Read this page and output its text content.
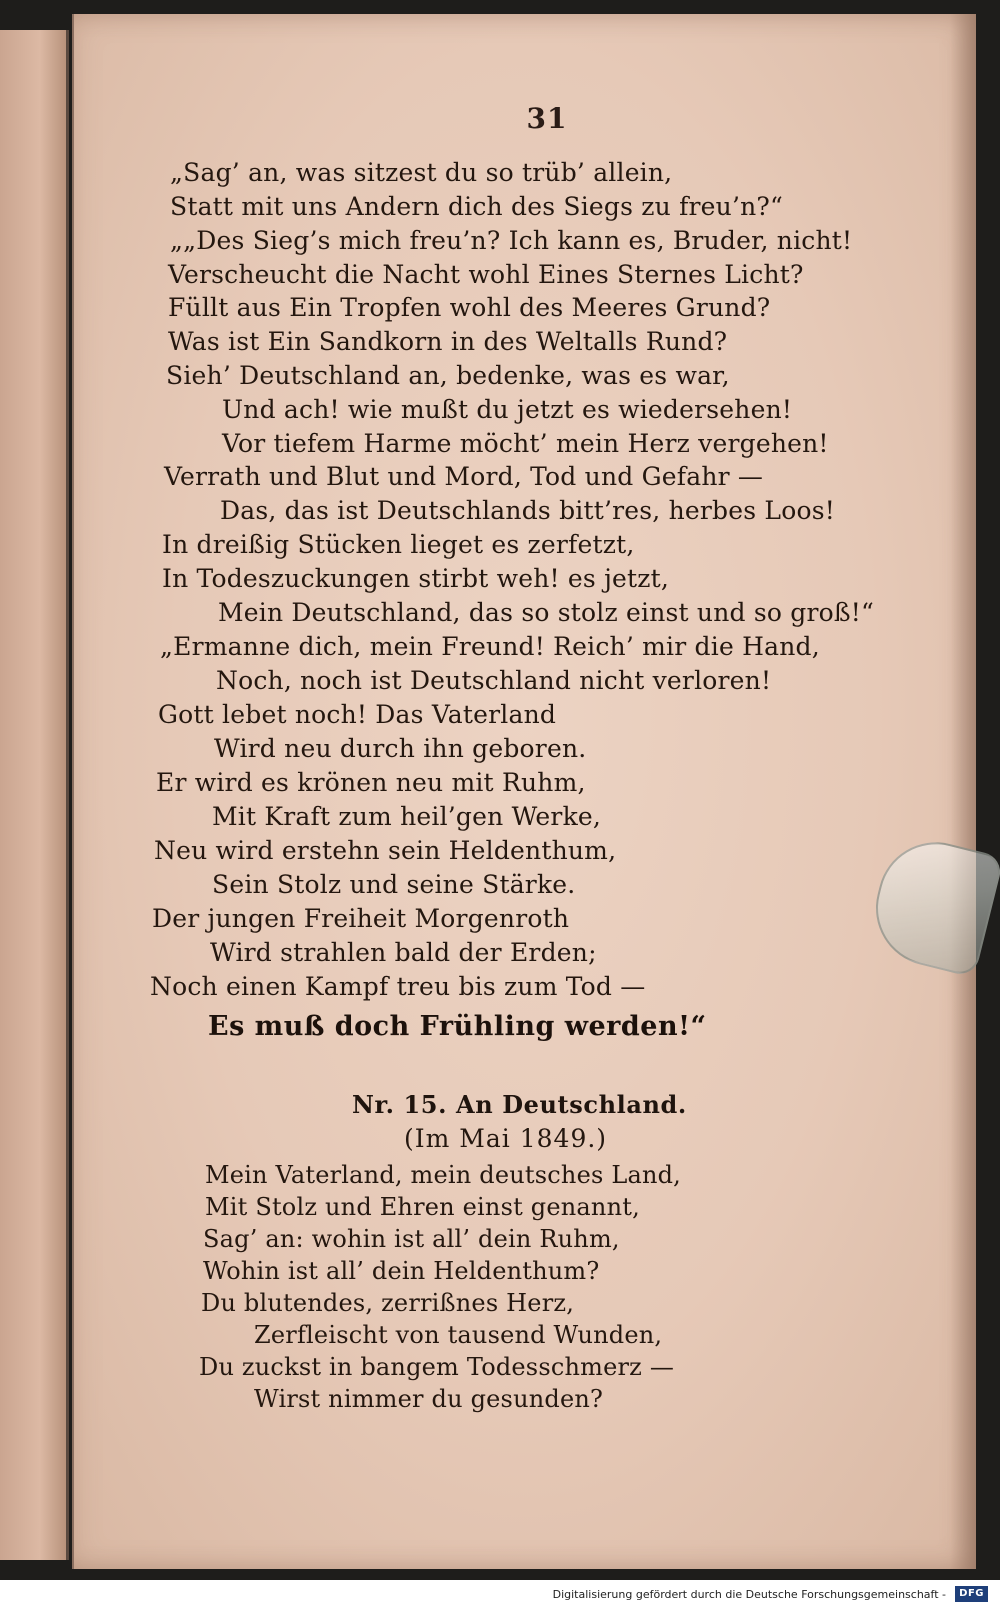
31
„Sag’ an, was sitzest du so trüb’ allein,
Statt mit uns Andern dich des Siegs zu freu’n?“
„„Des Sieg’s mich freu’n? Ich kann es, Bruder, nicht!
Verscheucht die Nacht wohl Eines Sternes Licht?
Füllt aus Ein Tropfen wohl des Meeres Grund?
Was ist Ein Sandkorn in des Weltalls Rund?
Sieh’ Deutschland an, bedenke, was es war,
Und ach! wie mußt du jetzt es wiedersehen!
Vor tiefem Harme möcht’ mein Herz vergehen!
Verrath und Blut und Mord, Tod und Gefahr —
Das, das ist Deutschlands bitt’res, herbes Loos!
In dreißig Stücken lieget es zerfetzt,
In Todeszuckungen stirbt weh! es jetzt,
Mein Deutschland, das so stolz einst und so groß!“
„Ermanne dich, mein Freund! Reich’ mir die Hand,
Noch, noch ist Deutschland nicht verloren!
Gott lebet noch! Das Vaterland
Wird neu durch ihn geboren.
Er wird es krönen neu mit Ruhm,
Mit Kraft zum heil’gen Werke,
Neu wird erstehn sein Heldenthum,
Sein Stolz und seine Stärke.
Der jungen Freiheit Morgenroth
Wird strahlen bald der Erden;
Noch einen Kampf treu bis zum Tod —
Es muß doch Frühling werden!“
Nr. 15. An Deutschland.
(Im Mai 1849.)
Mein Vaterland, mein deutsches Land,
Mit Stolz und Ehren einst genannt,
Sag’ an: wohin ist all’ dein Ruhm,
Wohin ist all’ dein Heldenthum?
Du blutendes, zerrißnes Herz,
Zerfleischt von tausend Wunden,
Du zuckst in bangem Todesschmerz —
Wirst nimmer du gesunden?
Digitalisierung gefördert durch die Deutsche Forschungsgemeinschaft -	DFG
